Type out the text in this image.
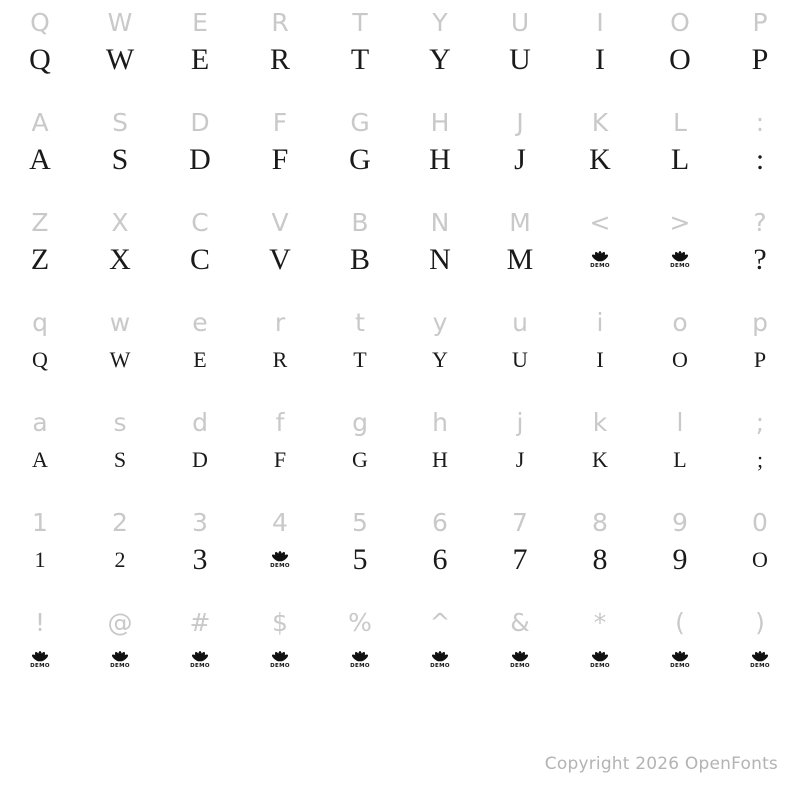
Q
Q
W
W
E
E
R
R
T
T
Y
Y
U
U
I
I
O
O
P
P
A
A
S
S
D
D
F
F
G
G
H
H
J
J
K
K
L
L
:
:
Z
Z
X
X
C
C
V
V
B
B
N
N
M
M
<
DEMO
>
DEMO
?
?
q
Q
w
W
e
E
r
R
t
T
y
Y
u
U
i
I
o
O
p
P
a
A
s
S
d
D
f
F
g
G
h
H
j
J
k
K
l
L
;
;
1
1
2
2
3
3
4
DEMO
5
5
6
6
7
7
8
8
9
9
0
O
!
DEMO
@
DEMO
#
DEMO
$
DEMO
%
DEMO
^
DEMO
&
DEMO
*
DEMO
(
DEMO
)
DEMO
Copyright 2026 OpenFonts
